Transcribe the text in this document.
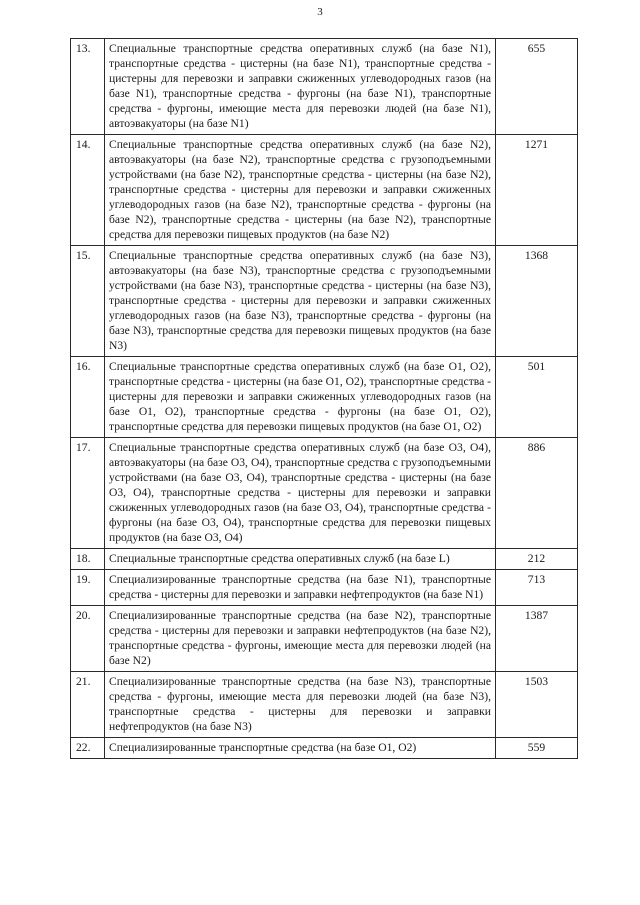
3
13.	Специальные транспортные средства оперативных служб (на базе N1), транспортные средства - цистерны (на базе N1), транспортные средства - цистерны для перевозки и заправки сжиженных углеводородных газов (на базе N1), транспортные средства - фургоны (на базе N1), транспортные средства - фургоны, имеющие места для перевозки людей (на базе N1), автоэвакуаторы (на базе N1)	655
14.	Специальные транспортные средства оперативных служб (на базе N2), автоэвакуаторы (на базе N2), транспортные средства с грузоподъемными устройствами (на базе N2), транспортные средства - цистерны (на базе N2), транспортные средства - цистерны для перевозки и заправки сжиженных углеводородных газов (на базе N2), транспортные средства - фургоны (на базе N2), транспортные средства - цистерны (на базе N2), транспортные средства для перевозки пищевых продуктов (на базе N2)	1271
15.	Специальные транспортные средства оперативных служб (на базе N3), автоэвакуаторы (на базе N3), транспортные средства с грузоподъемными устройствами (на базе N3), транспортные средства - цистерны (на базе N3), транспортные средства - цистерны для перевозки и заправки сжиженных углеводородных газов (на базе N3), транспортные средства - фургоны (на базе N3), транспортные средства для перевозки пищевых продуктов (на базе N3)	1368
16.	Специальные транспортные средства оперативных служб (на базе O1, O2), транспортные средства - цистерны (на базе O1, O2), транспортные средства - цистерны для перевозки и заправки сжиженных углеводородных газов (на базе O1, O2), транспортные средства - фургоны (на базе O1, O2), транспортные средства для перевозки пищевых продуктов (на базе O1, O2)	501
17.	Специальные транспортные средства оперативных служб (на базе O3, O4), автоэвакуаторы (на базе O3, O4), транспортные средства с грузоподъемными устройствами (на базе O3, O4), транспортные средства - цистерны (на базе O3, O4), транспортные средства - цистерны для перевозки и заправки сжиженных углеводородных газов (на базе O3, O4), транспортные средства - фургоны (на базе O3, O4), транспортные средства для перевозки пищевых продуктов (на базе O3, O4)	886
18.	Специальные транспортные средства оперативных служб (на базе L)	212
19.	Специализированные транспортные средства (на базе N1), транспортные средства - цистерны для перевозки и заправки нефтепродуктов (на базе N1)	713
20.	Специализированные транспортные средства (на базе N2), транспортные средства - цистерны для перевозки и заправки нефтепродуктов (на базе N2), транспортные средства - фургоны, имеющие места для перевозки людей (на базе N2)	1387
21.	Специализированные транспортные средства (на базе N3), транспортные средства - фургоны, имеющие места для перевозки людей (на базе N3), транспортные средства - цистерны для перевозки и заправки нефтепродуктов (на базе N3)	1503
22.	Специализированные транспортные средства (на базе O1, O2)	559
